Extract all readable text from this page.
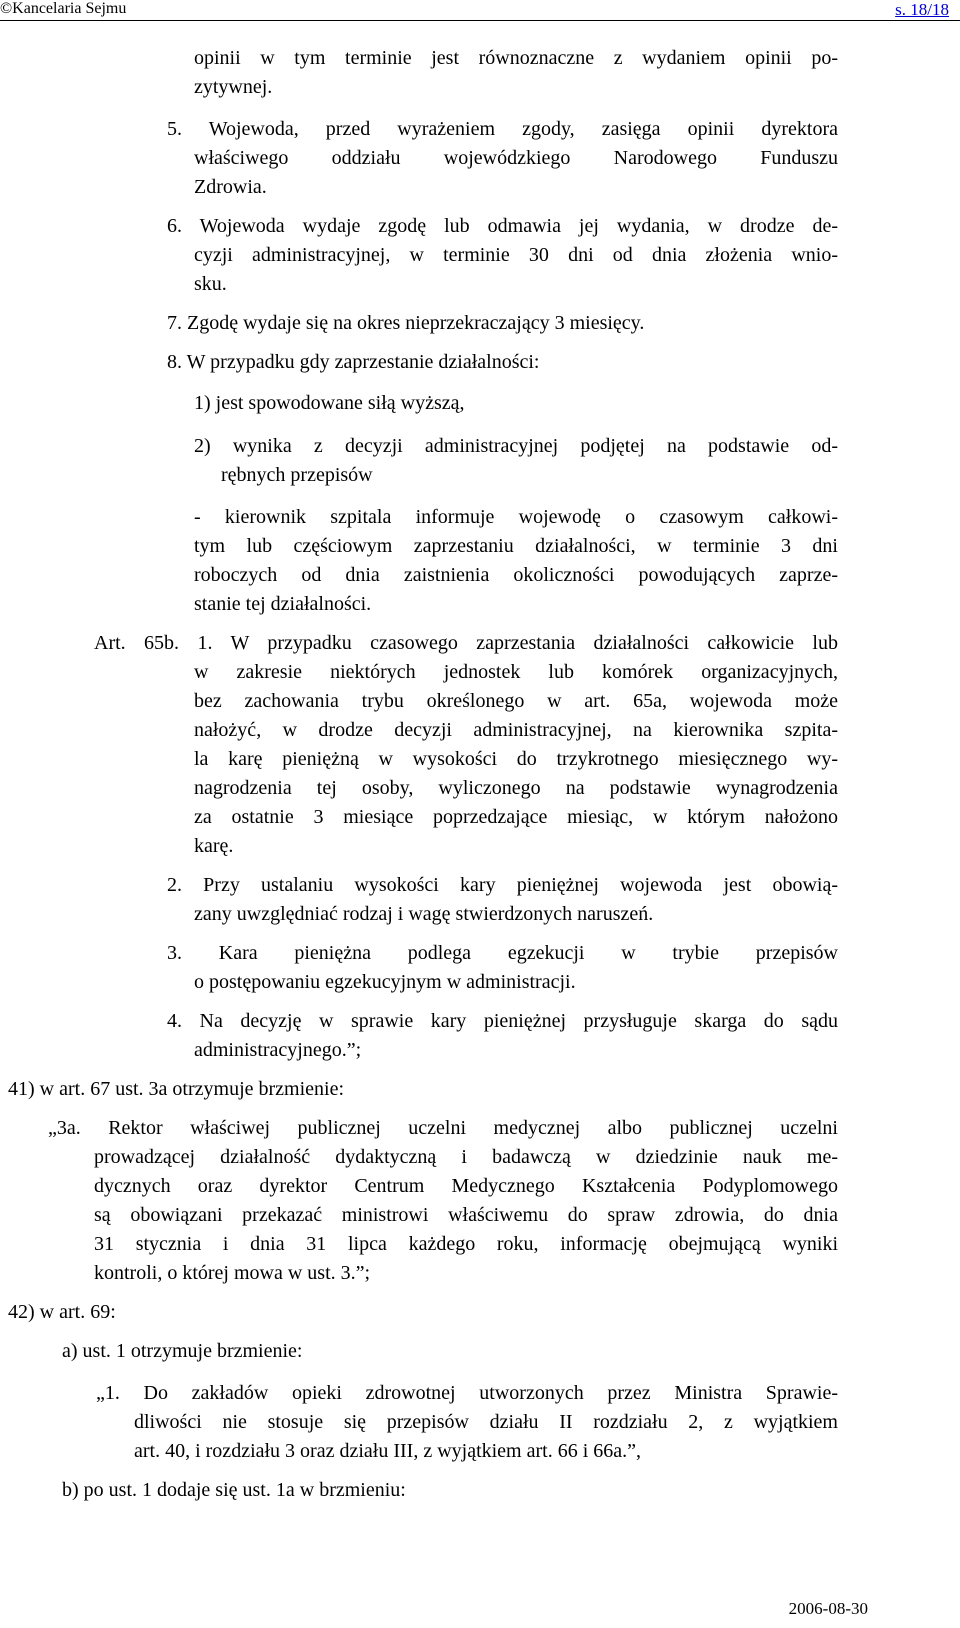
©Kancelaria Sejmu	s. 18/18
opinii w tym terminie jest równoznaczne z wydaniem opinii po-
zytywnej.
5. Wojewoda, przed wyrażeniem zgody, zasięga opinii dyrektora
właściwego oddziału wojewódzkiego Narodowego Funduszu
Zdrowia.
6. Wojewoda wydaje zgodę lub odmawia jej wydania, w drodze de-
cyzji administracyjnej, w terminie 30 dni od dnia złożenia wnio-
sku.
7. Zgodę wydaje się na okres nieprzekraczający 3 miesięcy.
8. W przypadku gdy zaprzestanie działalności:
1) jest spowodowane siłą wyższą,
2) wynika z decyzji administracyjnej podjętej na podstawie od-
rębnych przepisów
- kierownik szpitala informuje wojewodę o czasowym całkowi-
tym lub częściowym zaprzestaniu działalności, w terminie 3 dni
roboczych od dnia zaistnienia okoliczności powodujących zaprze-
stanie tej działalności.
Art. 65b. 1. W przypadku czasowego zaprzestania działalności całkowicie lub
w zakresie niektórych jednostek lub komórek organizacyjnych,
bez zachowania trybu określonego w art. 65a, wojewoda może
nałożyć, w drodze decyzji administracyjnej, na kierownika szpita-
la karę pieniężną w wysokości do trzykrotnego miesięcznego wy-
nagrodzenia tej osoby, wyliczonego na podstawie wynagrodzenia
za ostatnie 3 miesiące poprzedzające miesiąc, w którym nałożono
karę.
2. Przy ustalaniu wysokości kary pieniężnej wojewoda jest obowią-
zany uwzględniać rodzaj i wagę stwierdzonych naruszeń.
3. Kara pieniężna podlega egzekucji w trybie przepisów
o postępowaniu egzekucyjnym w administracji.
4. Na decyzję w sprawie kary pieniężnej przysługuje skarga do sądu
administracyjnego.”;
41) w art. 67 ust. 3a otrzymuje brzmienie:
„3a. Rektor właściwej publicznej uczelni medycznej albo publicznej uczelni
prowadzącej działalność dydaktyczną i badawczą w dziedzinie nauk me-
dycznych oraz dyrektor Centrum Medycznego Kształcenia Podyplomowego
są obowiązani przekazać ministrowi właściwemu do spraw zdrowia, do dnia
31 stycznia i dnia 31 lipca każdego roku, informację obejmującą wyniki
kontroli, o której mowa w ust. 3.”;
42) w art. 69:
a) ust. 1 otrzymuje brzmienie:
„1. Do zakładów opieki zdrowotnej utworzonych przez Ministra Sprawie-
dliwości nie stosuje się przepisów działu II rozdziału 2, z wyjątkiem
art. 40, i rozdziału 3 oraz działu III, z wyjątkiem art. 66 i 66a.”,
b) po ust. 1 dodaje się ust. 1a w brzmieniu:
2006-08-30
